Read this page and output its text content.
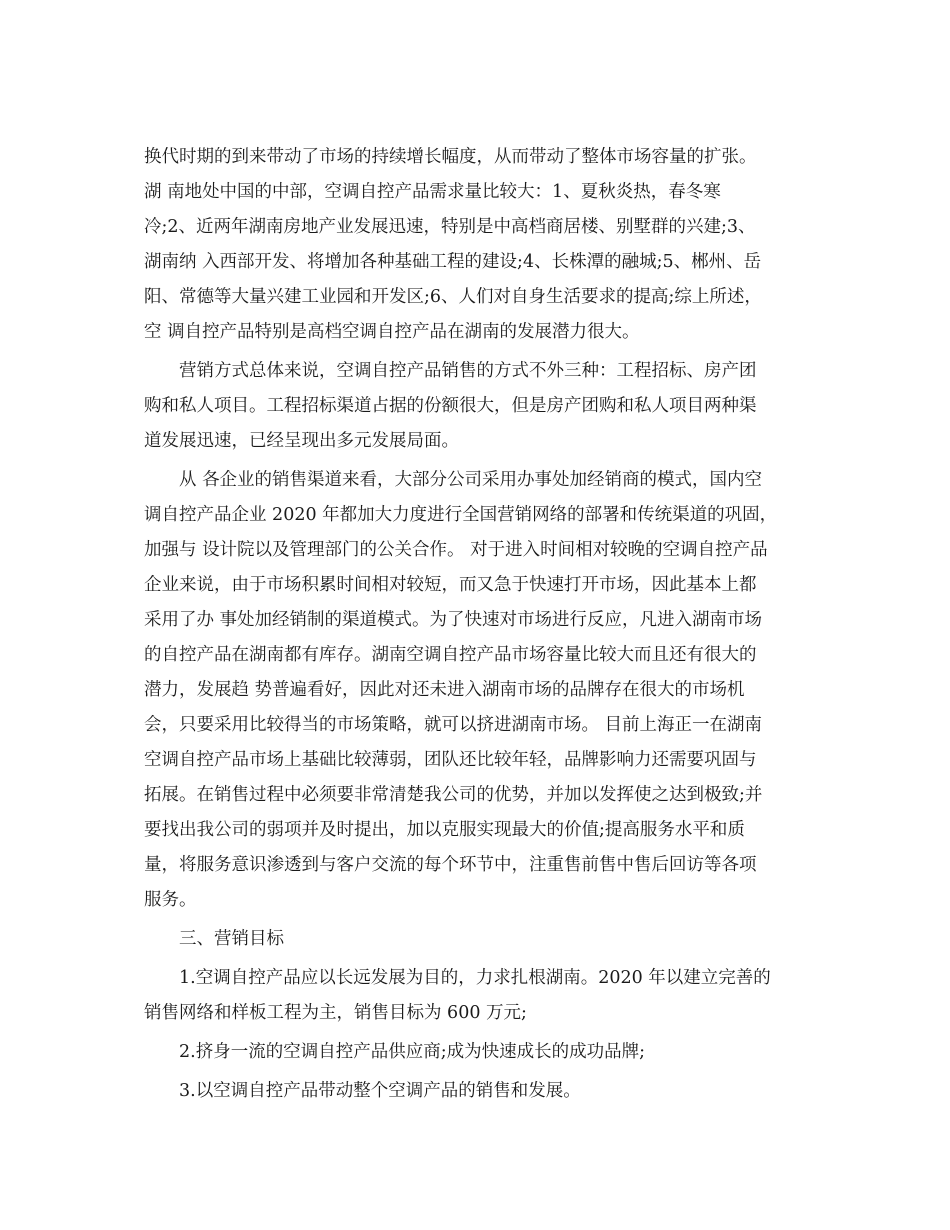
换代时期的到来带动了市场的持续增长幅度，从而带动了整体市场容量的扩张。
湖 南地处中国的中部，空调自控产品需求量比较大：1、夏秋炎热，春冬寒
冷;2、近两年湖南房地产业发展迅速，特别是中高档商居楼、别墅群的兴建;3、
湖南纳 入西部开发、将增加各种基础工程的建设;4、长株潭的融城;5、郴州、岳
阳、常德等大量兴建工业园和开发区;6、人们对自身生活要求的提高;综上所述，
空 调自控产品特别是高档空调自控产品在湖南的发展潜力很大。
　　营销方式总体来说，空调自控产品销售的方式不外三种：工程招标、房产团
购和私人项目。工程招标渠道占据的份额很大，但是房产团购和私人项目两种渠
道发展迅速，已经呈现出多元发展局面。
　　从 各企业的销售渠道来看，大部分公司采用办事处加经销商的模式，国内空
调自控产品企业 2020 年都加大力度进行全国营销网络的部署和传统渠道的巩固，
加强与 设计院以及管理部门的公关合作。 对于进入时间相对较晚的空调自控产品
企业来说，由于市场积累时间相对较短，而又急于快速打开市场，因此基本上都
采用了办 事处加经销制的渠道模式。为了快速对市场进行反应，凡进入湖南市场
的自控产品在湖南都有库存。湖南空调自控产品市场容量比较大而且还有很大的
潜力，发展趋 势普遍看好，因此对还未进入湖南市场的品牌存在很大的市场机
会，只要采用比较得当的市场策略，就可以挤进湖南市场。 目前上海正一在湖南
空调自控产品市场上基础比较薄弱，团队还比较年轻，品牌影响力还需要巩固与
拓展。在销售过程中必须要非常清楚我公司的优势，并加以发挥使之达到极致;并
要找出我公司的弱项并及时提出，加以克服实现最大的价值;提高服务水平和质
量，将服务意识渗透到与客户交流的每个环节中，注重售前售中售后回访等各项
服务。
　　三、营销目标
　　1.空调自控产品应以长远发展为目的，力求扎根湖南。2020 年以建立完善的
销售网络和样板工程为主，销售目标为 600 万元;
　　2.挤身一流的空调自控产品供应商;成为快速成长的成功品牌;
　　3.以空调自控产品带动整个空调产品的销售和发展。
